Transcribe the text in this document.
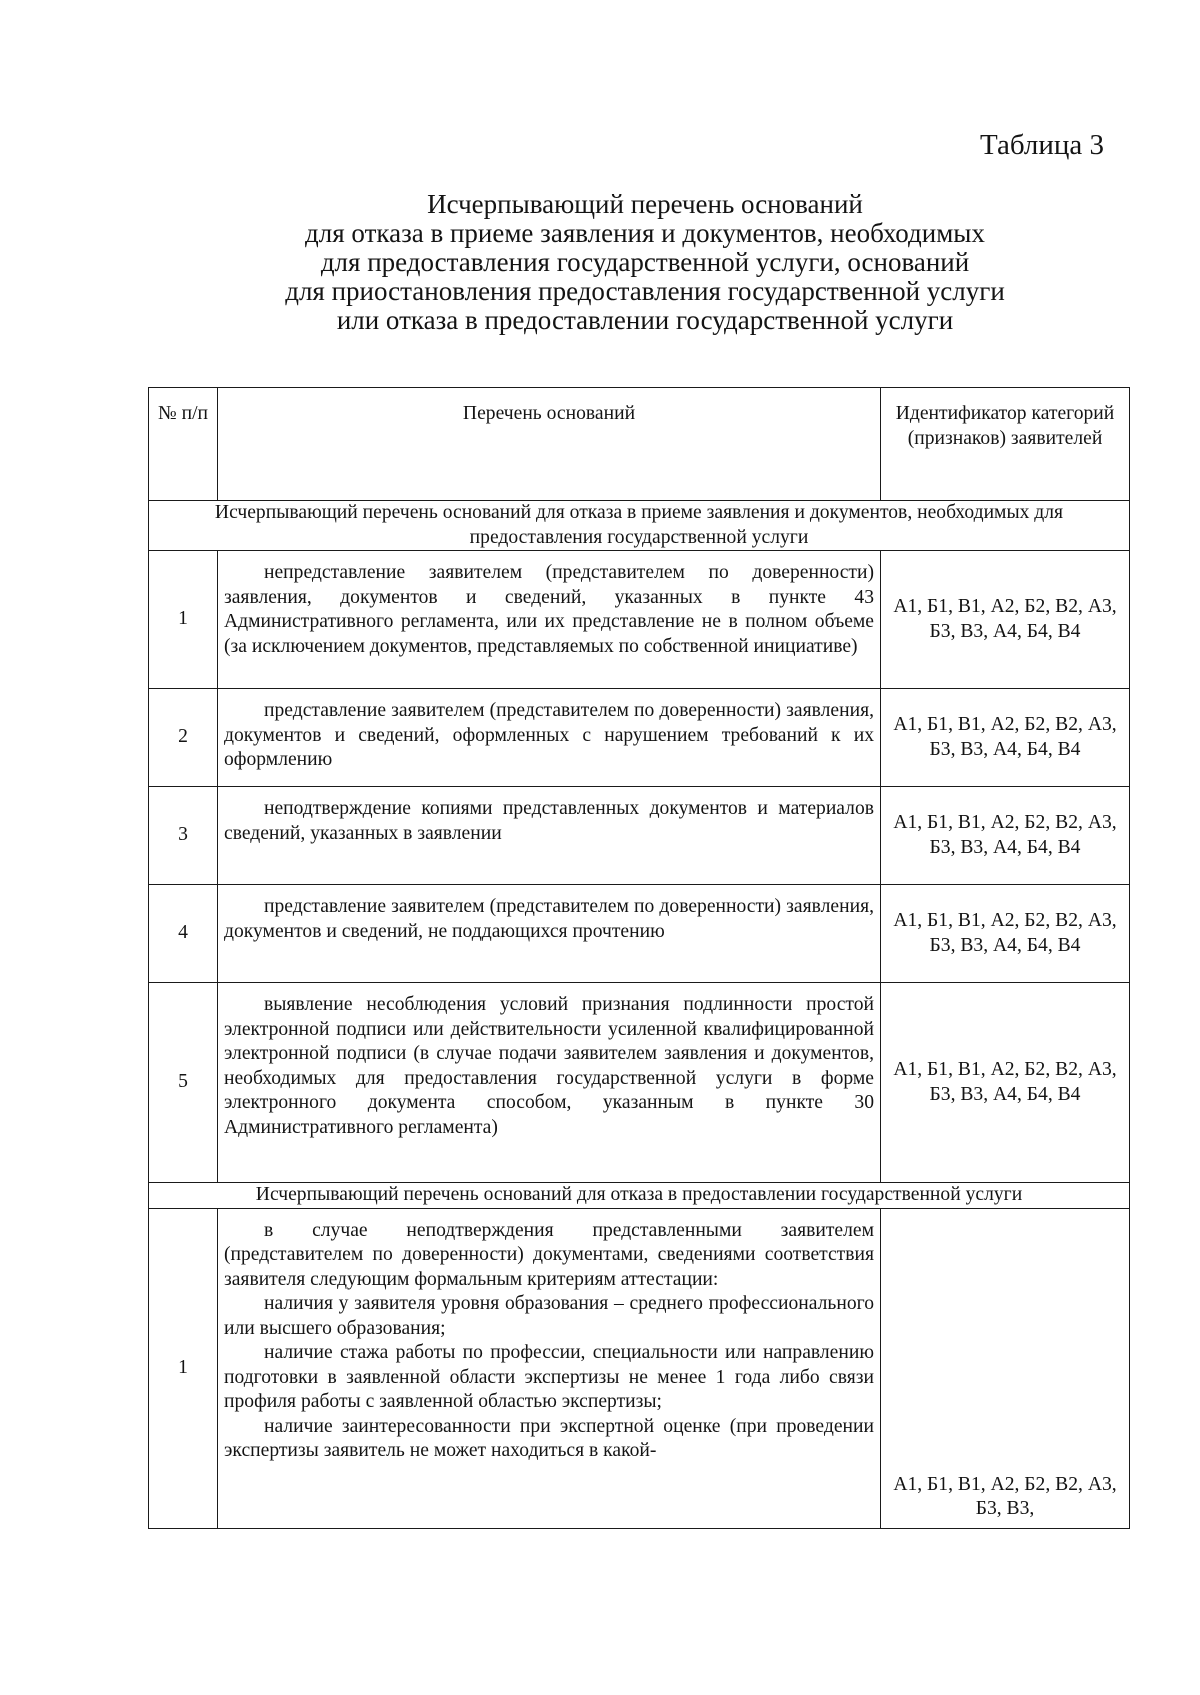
Таблица 3
Исчерпывающий перечень оснований
для отказа в приеме заявления и документов, необходимых
для предоставления государственной услуги, оснований
для приостановления предоставления государственной услуги
или отказа в предоставлении государственной услуги
№ п/п	Перечень оснований	Идентификатор категорий (признаков) заявителей
Исчерпывающий перечень оснований для отказа в приеме заявления и документов, необходимых для предоставления государственной услуги		
1	непредставление заявителем (представителем по доверенности) заявления, документов и сведений, указанных в пункте 43 Административного регламента, или их представление не в полном объеме (за исключением документов, представляемых по собственной инициативе)	А1, Б1, В1, А2, Б2, В2, А3, Б3, В3, А4, Б4, В4
2	представление заявителем (представителем по доверенности) заявления, документов и сведений, оформленных с нарушением требований к их оформлению	А1, Б1, В1, А2, Б2, В2, А3, Б3, В3, А4, Б4, В4
3	неподтверждение копиями представленных документов и материалов сведений, указанных в заявлении	А1, Б1, В1, А2, Б2, В2, А3, Б3, В3, А4, Б4, В4
4	представление заявителем (представителем по доверенности) заявления, документов и сведений, не поддающихся прочтению	А1, Б1, В1, А2, Б2, В2, А3, Б3, В3, А4, Б4, В4
5	выявление несоблюдения условий признания подлинности простой электронной подписи или действительности усиленной квалифицированной электронной подписи (в случае подачи заявителем заявления и документов, необходимых для предоставления государственной услуги в форме электронного документа способом, указанным в пункте 30 Административного регламента)	А1, Б1, В1, А2, Б2, В2, А3, Б3, В3, А4, Б4, В4
Исчерпывающий перечень оснований для отказа в предоставлении государственной услуги		
1	в случае неподтверждения представленными заявителем (представителем по доверенности) документами, сведениями соответствия заявителя следующим формальным критериям аттестации:
наличия у заявителя уровня образования – среднего профессионального или высшего образования;
наличие стажа работы по профессии, специальности или направлению подготовки в заявленной области экспертизы не менее 1 года либо связи профиля работы с заявленной областью экспертизы;
наличие заинтересованности при экспертной оценке (при проведении экспертизы заявитель не может находиться в какой-	А1, Б1, В1, А2, Б2, В2, А3, Б3, В3,
